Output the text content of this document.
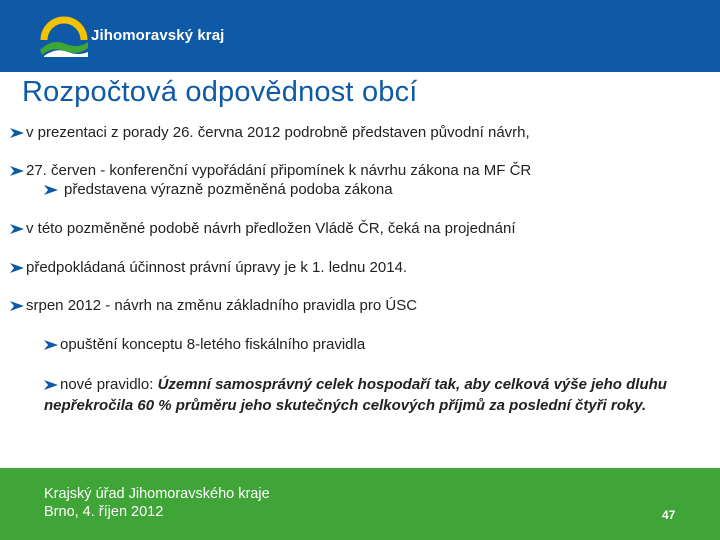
Jihomoravský kraj
Rozpočtová odpovědnost obcí
v prezentaci z porady 26. června 2012 podrobně představen původní návrh,
27. červen - konferenční vypořádání připomínek k návrhu zákona na MF ČR
představena výrazně pozměněná podoba zákona
v této pozměněné podobě návrh předložen Vládě ČR, čeká na projednání
předpokládaná účinnost právní úpravy je k 1. lednu 2014.
srpen 2012 - návrh na změnu základního pravidla pro ÚSC
opuštění konceptu 8-letého fiskálního pravidla
nové pravidlo: Územní samosprávný celek hospodaří tak, aby celková výše jeho dluhu nepřekročila 60 % průměru jeho skutečných celkových příjmů za poslední čtyři roky.
Krajský úřad Jihomoravského kraje
Brno, 4. říjen 2012	47
